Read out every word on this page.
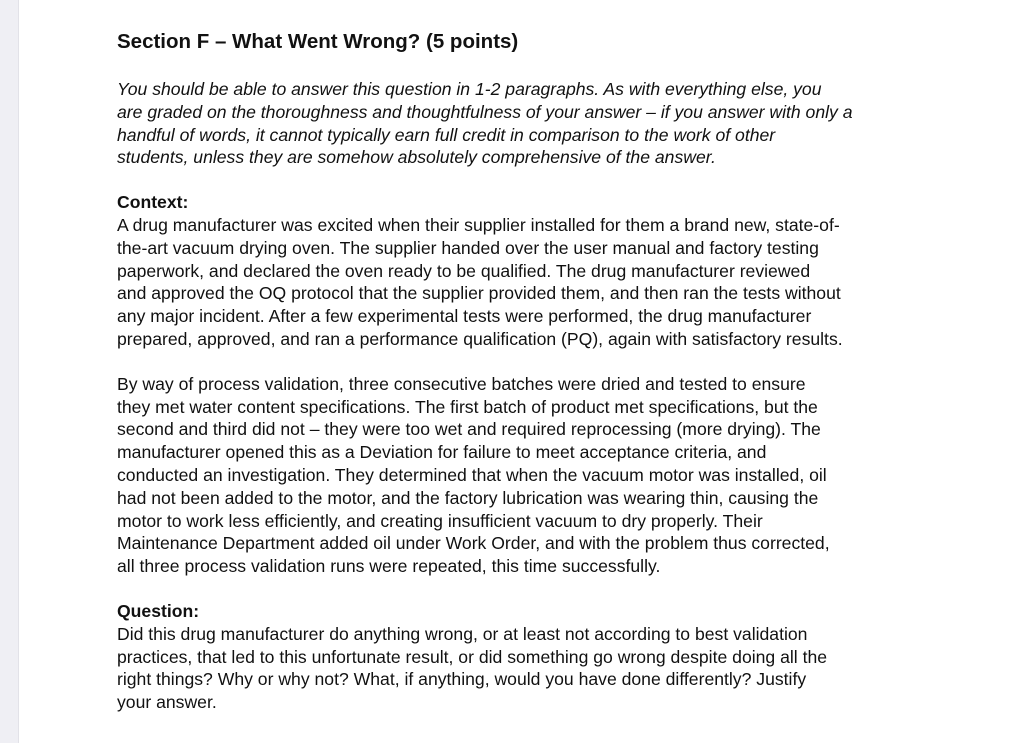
Section F – What Went Wrong? (5 points)
You should be able to answer this question in 1-2 paragraphs. As with everything else, you
are graded on the thoroughness and thoughtfulness of your answer – if you answer with only a
handful of words, it cannot typically earn full credit in comparison to the work of other
students, unless they are somehow absolutely comprehensive of the answer.
Context:
A drug manufacturer was excited when their supplier installed for them a brand new, state-of-
the-art vacuum drying oven. The supplier handed over the user manual and factory testing
paperwork, and declared the oven ready to be qualified. The drug manufacturer reviewed
and approved the OQ protocol that the supplier provided them, and then ran the tests without
any major incident. After a few experimental tests were performed, the drug manufacturer
prepared, approved, and ran a performance qualification (PQ), again with satisfactory results.
By way of process validation, three consecutive batches were dried and tested to ensure
they met water content specifications. The first batch of product met specifications, but the
second and third did not – they were too wet and required reprocessing (more drying). The
manufacturer opened this as a Deviation for failure to meet acceptance criteria, and
conducted an investigation. They determined that when the vacuum motor was installed, oil
had not been added to the motor, and the factory lubrication was wearing thin, causing the
motor to work less efficiently, and creating insufficient vacuum to dry properly. Their
Maintenance Department added oil under Work Order, and with the problem thus corrected,
all three process validation runs were repeated, this time successfully.
Question:
Did this drug manufacturer do anything wrong, or at least not according to best validation
practices, that led to this unfortunate result, or did something go wrong despite doing all the
right things? Why or why not? What, if anything, would you have done differently? Justify
your answer.
